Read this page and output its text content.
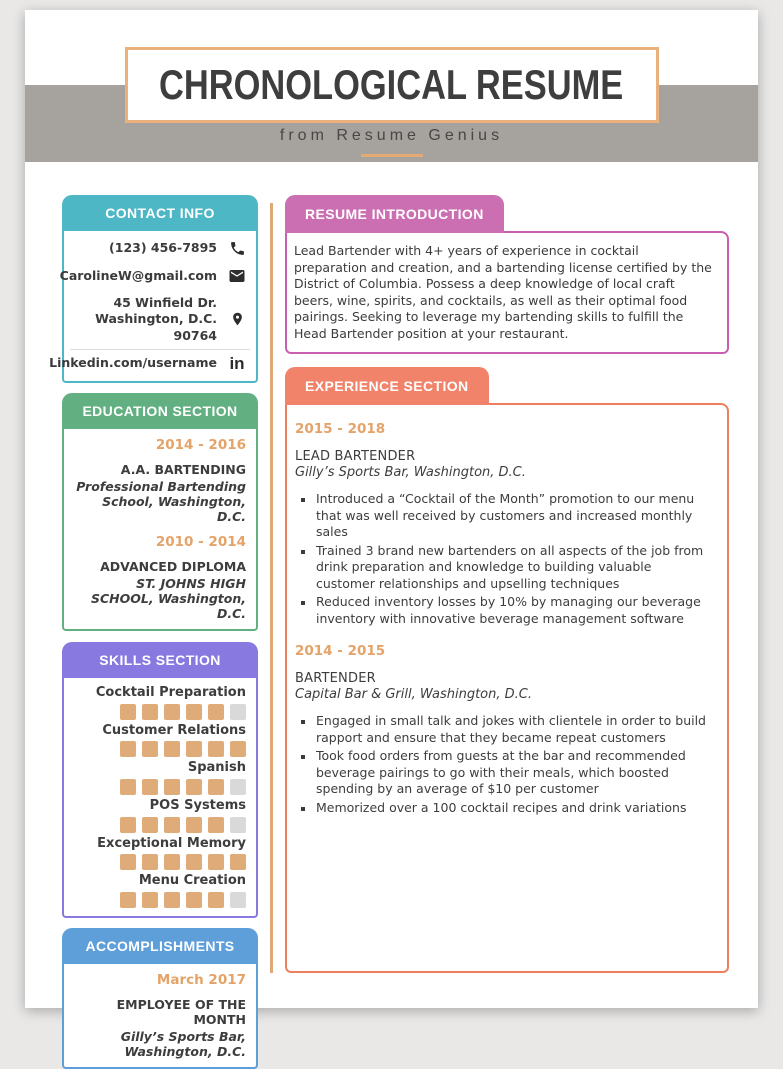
CHRONOLOGICAL RESUME
from Resume Genius
CONTACT INFO
(123) 456-7895
CarolineW@gmail.com
45 Winfield Dr.
Washington, D.C. 90764
Linkedin.com/username in
EDUCATION SECTION
2014 - 2016
A.A. BARTENDING
Professional Bartending School, Washington, D.C.
2010 - 2014
ADVANCED DIPLOMA
ST. JOHNS HIGH SCHOOL, Washington, D.C.
SKILLS SECTION
Cocktail Preparation
Customer Relations
Spanish
POS Systems
Exceptional Memory
Menu Creation
ACCOMPLISHMENTS
March 2017
EMPLOYEE OF THE MONTH
Gilly’s Sports Bar, Washington, D.C.
RESUME INTRODUCTION
Lead Bartender with 4+ years of experience in cocktail preparation and creation, and a bartending license certified by the District of Columbia. Possess a deep knowledge of local craft beers, wine, spirits, and cocktails, as well as their optimal food pairings. Seeking to leverage my bartending skills to fulfill the Head Bartender position at your restaurant.
EXPERIENCE SECTION
2015 - 2018
LEAD BARTENDER
Gilly’s Sports Bar, Washington, D.C.
Introduced a “Cocktail of the Month” promotion to our menu that was well received by customers and increased monthly sales
Trained 3 brand new bartenders on all aspects of the job from drink preparation and knowledge to building valuable customer relationships and upselling techniques
Reduced inventory losses by 10% by managing our beverage inventory with innovative beverage management software
2014 - 2015
BARTENDER
Capital Bar & Grill, Washington, D.C.
Engaged in small talk and jokes with clientele in order to build rapport and ensure that they became repeat customers
Took food orders from guests at the bar and recommended beverage pairings to go with their meals, which boosted spending by an average of $10 per customer
Memorized over a 100 cocktail recipes and drink variations
